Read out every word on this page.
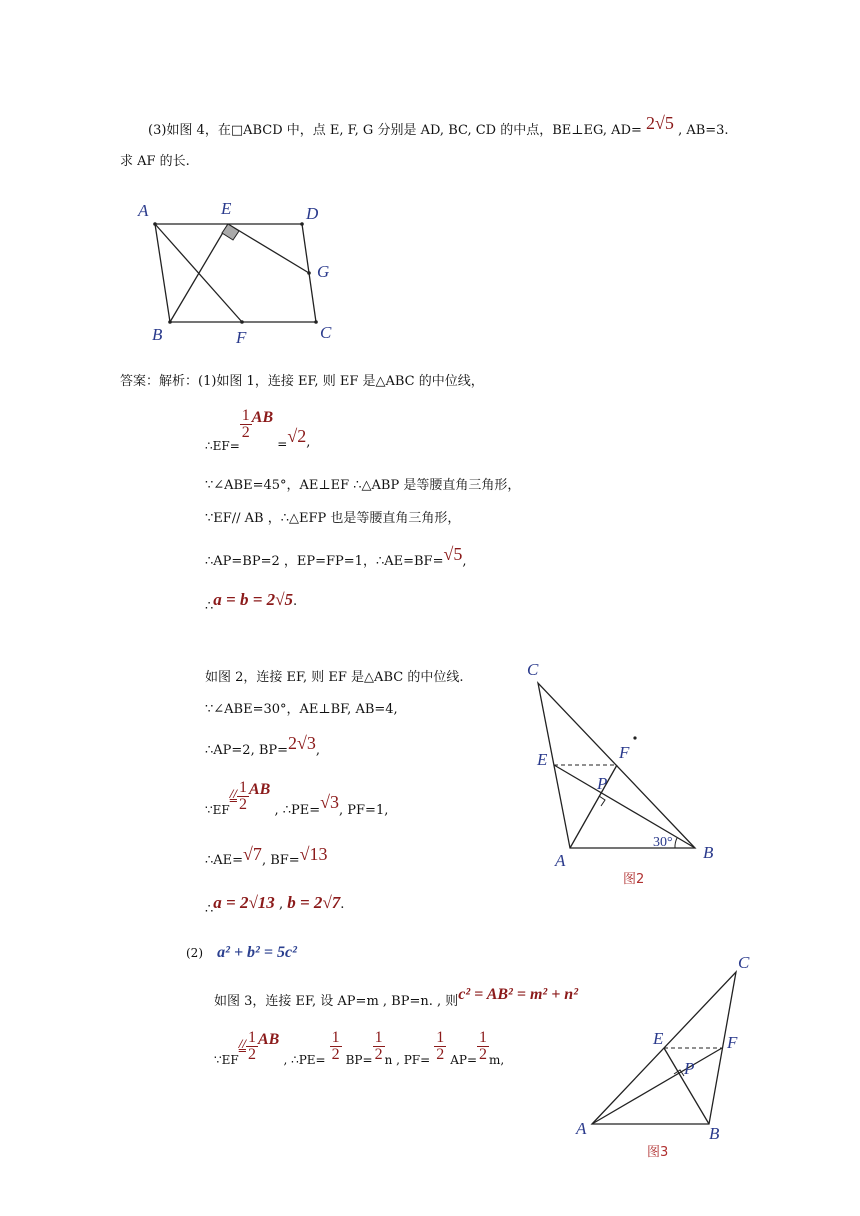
(3)如图 4，在□ABCD 中，点 E, F, G 分别是 AD, BC, CD 的中点，BE⊥EG, AD= 2√5 , AB=3.
求 AF 的长.
A	E	D
G
B	F	C
答案：解析：(1)如图 1，连接 EF, 则 EF 是△ABC 的中位线，
∴EF=
$\frac{1}{2}$ AB =√2,
∵∠ABE=45°，AE⊥EF ∴△ABP 是等腰直角三角形，
∵EF// AB ，∴△EFP 也是等腰直角三角形，
∴AP=BP=2 ，EP=FP=1，∴AE=BF=√5,
∴a = b = 2√5.
如图 2，连接 EF, 则 EF 是△ABC 的中位线.
∵∠ABE=30°，AE⊥BF, AB=4,
∴AP=2, BP=2√3,
∵EF// $\frac{1}{2}$ AB , ∴PE=√3, PF=1,
∴AE=√7, BF=√13
∴a = 2√13 , b = 2√7.
C
E	F
P
A	B
30°
图2
(2) a² + b² = 5c²
如图 3，连接 EF, 设 AP=m , BP=n. , 则c² = AB² = m² + n²
∵EF// $\frac{1}{2}$ AB , ∴PE= $\frac{1}{2} BP= \frac{1}{2}$ n , $PF= \frac{1}{2} AP= \frac{1}{2} m$,
C
E	F
P
A	B
图3
